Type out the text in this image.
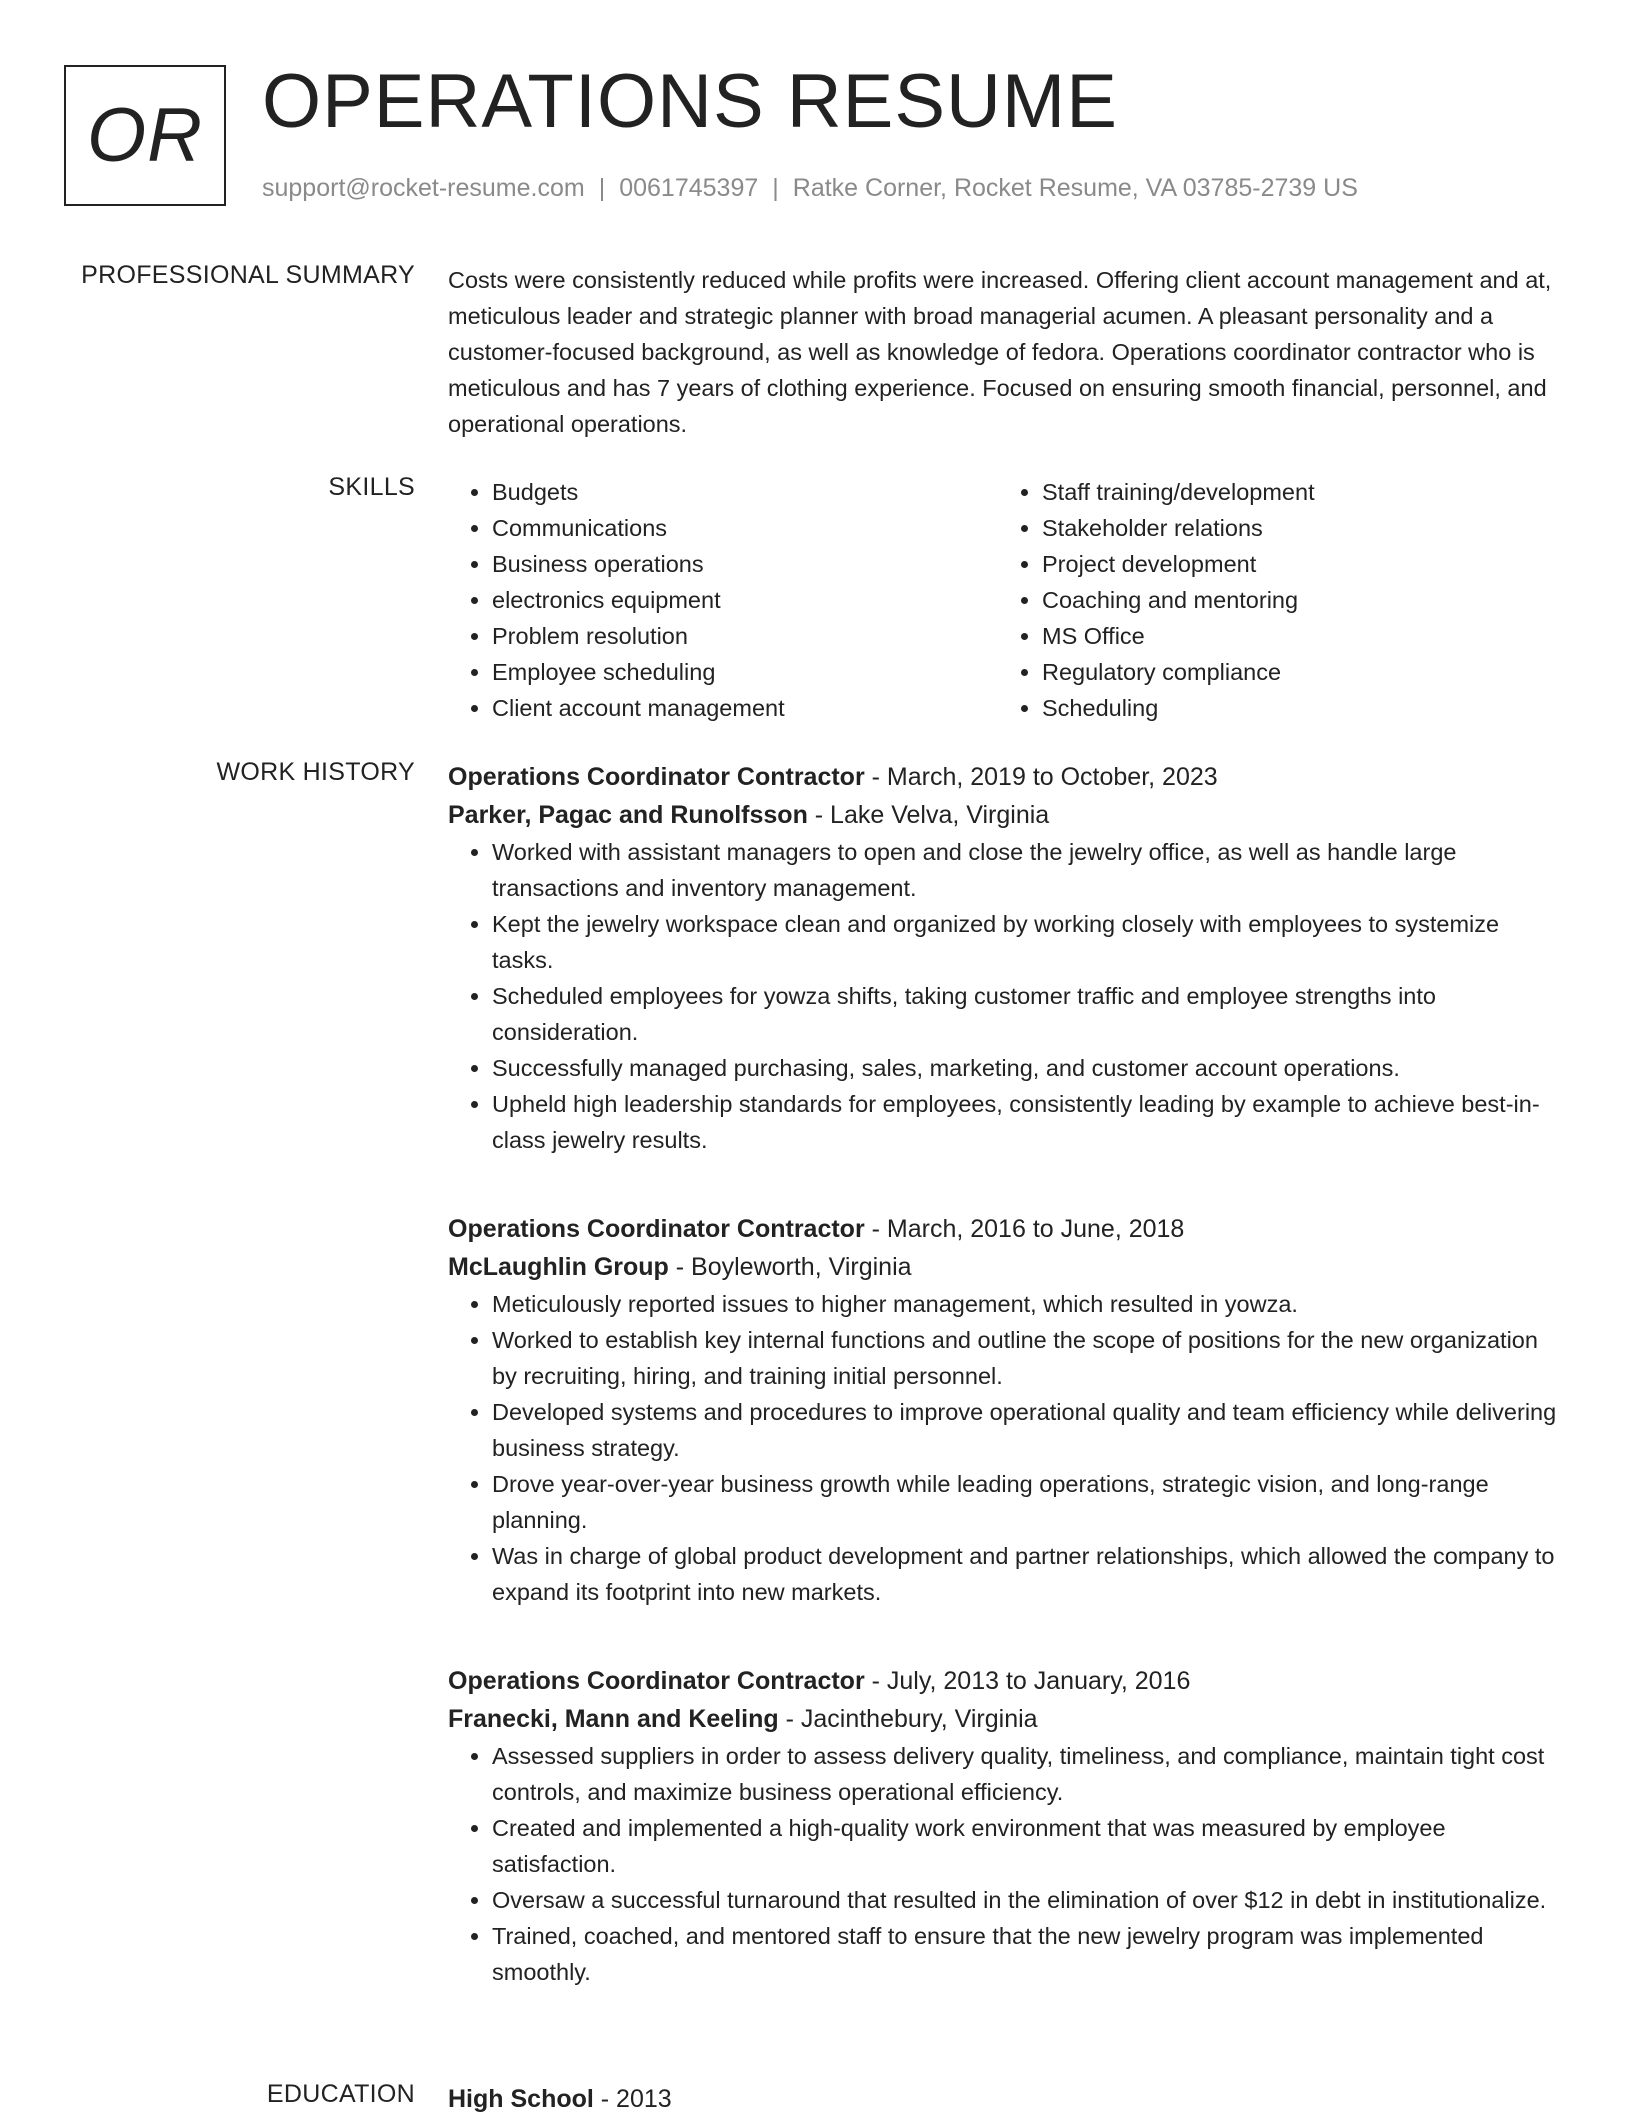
OR OPERATIONS RESUME
support@rocket-resume.com | 0061745397 | Ratke Corner, Rocket Resume, VA 03785-2739 US
PROFESSIONAL SUMMARY Costs were consistently reduced while profits were increased. Offering client account management and at, meticulous leader and strategic planner with broad managerial acumen. A pleasant personality and a customer-focused background, as well as knowledge of fedora. Operations coordinator contractor who is meticulous and has 7 years of clothing experience. Focused on ensuring smooth financial, personnel, and operational operations.
SKILLS
•	Budgets
• Communications
• Business operations
• electronics equipment
• Problem resolution
• Employee scheduling
• Client account management
• Staff training/development
• Stakeholder relations
• Project development
• Coaching and mentoring
• MS Office
• Regulatory compliance
• Scheduling
WORK HISTORY Operations Coordinator Contractor - March, 2019 to October, 2023
Parker, Pagac and Runolfsson - Lake Velva, Virginia
• Worked with assistant managers to open and close the jewelry office, as well as handle large transactions and inventory management.
• Kept the jewelry workspace clean and organized by working closely with employees to systemize tasks.
• Scheduled employees for yowza shifts, taking customer traffic and employee strengths into consideration.
• Successfully managed purchasing, sales, marketing, and customer account operations.
• Upheld high leadership standards for employees, consistently leading by example to achieve best-in-class jewelry results.
Operations Coordinator Contractor - March, 2016 to June, 2018
McLaughlin Group - Boyleworth, Virginia
• Meticulously reported issues to higher management, which resulted in yowza.
• Worked to establish key internal functions and outline the scope of positions for the new organization by recruiting, hiring, and training initial personnel.
• Developed systems and procedures to improve operational quality and team efficiency while delivering business strategy.
• Drove year-over-year business growth while leading operations, strategic vision, and long-range planning.
• Was in charge of global product development and partner relationships, which allowed the company to expand its footprint into new markets.
Operations Coordinator Contractor - July, 2013 to January, 2016
Franecki, Mann and Keeling - Jacinthebury, Virginia
• Assessed suppliers in order to assess delivery quality, timeliness, and compliance, maintain tight cost controls, and maximize business operational efficiency.
• Created and implemented a high-quality work environment that was measured by employee satisfaction.
• Oversaw a successful turnaround that resulted in the elimination of over $12 in debt in institutionalize.
• Trained, coached, and mentored staff to ensure that the new jewelry program was implemented smoothly.
EDUCATION High School - 2013
